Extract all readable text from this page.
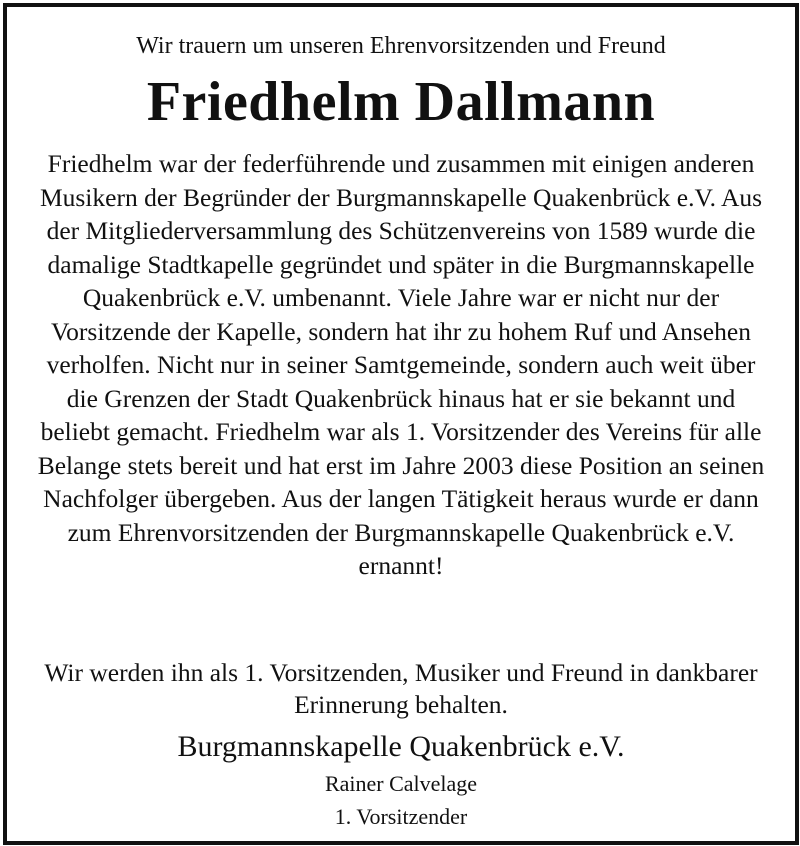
Wir trauern um unseren Ehrenvorsitzenden und Freund

Friedhelm Dallmann

Friedhelm war der federführende und zusammen mit einigen anderen Musikern der Begründer der Burgmannskapelle Quakenbrück e.V. Aus der Mitgliederversammlung des Schützenvereins von 1589 wurde die damalige Stadtkapelle gegründet und später in die Burgmannskapelle Quakenbrück e.V. umbenannt. Viele Jahre war er nicht nur der Vorsitzende der Kapelle, sondern hat ihr zu hohem Ruf und Ansehen verholfen. Nicht nur in seiner Samtgemeinde, sondern auch weit über die Grenzen der Stadt Quakenbrück hinaus hat er sie bekannt und beliebt gemacht. Friedhelm war als 1. Vorsitzender des Vereins für alle Belange stets bereit und hat erst im Jahre 2003 diese Position an seinen Nachfolger übergeben. Aus der langen Tätigkeit heraus wurde er dann zum Ehrenvorsitzenden der Burgmannskapelle Quakenbrück e.V. ernannt!

Wir werden ihn als 1. Vorsitzenden, Musiker und Freund in dankbarer Erinnerung behalten.

Burgmannskapelle Quakenbrück e.V.

Rainer Calvelage

1. Vorsitzender
